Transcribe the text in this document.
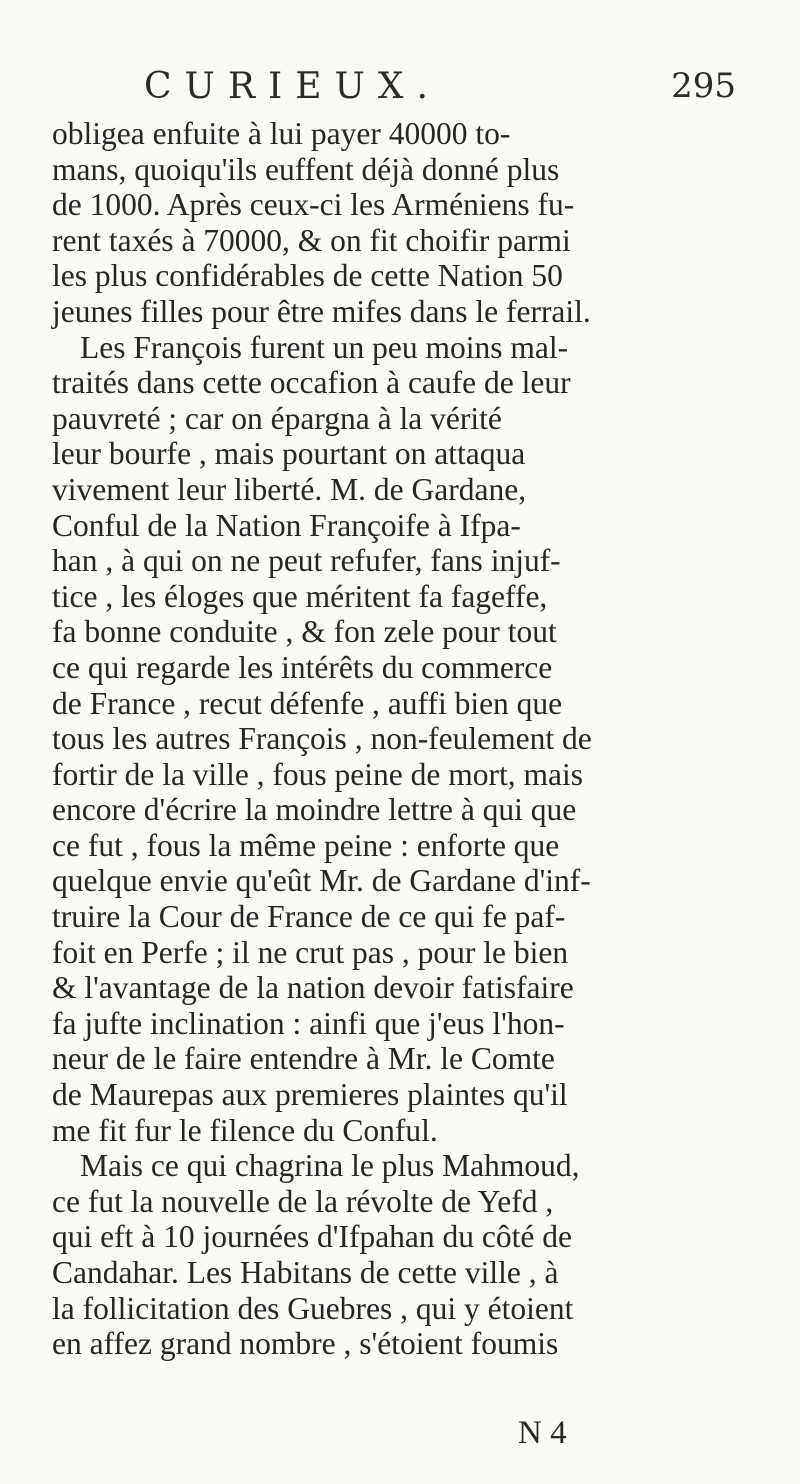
CURIEUX.	295
obligea enfuite à lui payer 40000 to-
mans, quoiqu'ils euffent déjà donné plus
de 1000. Après ceux-ci les Arméniens fu-
rent taxés à 70000, & on fit choifir parmi
les plus confidérables de cette Nation 50
jeunes filles pour être mifes dans le ferrail.
Les François furent un peu moins mal-
traités dans cette occafion à caufe de leur
pauvreté ; car on épargna à la vérité
leur bourfe , mais pourtant on attaqua
vivement leur liberté. M. de Gardane,
Conful de la Nation Françoife à Ifpa-
han , à qui on ne peut refufer, fans injuf-
tice , les éloges que méritent fa fageffe,
fa bonne conduite , & fon zele pour tout
ce qui regarde les intérêts du commerce
de France , recut défenfe , auffi bien que
tous les autres François , non-feulement de
fortir de la ville , fous peine de mort, mais
encore d'écrire la moindre lettre à qui que
ce fut , fous la même peine : enforte que
quelque envie qu'eût Mr. de Gardane d'inf-
truire la Cour de France de ce qui fe paf-
foit en Perfe ; il ne crut pas , pour le bien
& l'avantage de la nation devoir fatisfaire
fa jufte inclination : ainfi que j'eus l'hon-
neur de le faire entendre à Mr. le Comte
de Maurepas aux premieres plaintes qu'il
me fit fur le filence du Conful.
Mais ce qui chagrina le plus Mahmoud,
ce fut la nouvelle de la révolte de Yefd ,
qui eft à 10 journées d'Ifpahan du côté de
Candahar. Les Habitans de cette ville , à
la follicitation des Guebres , qui y étoient
en affez grand nombre , s'étoient foumis
N 4
